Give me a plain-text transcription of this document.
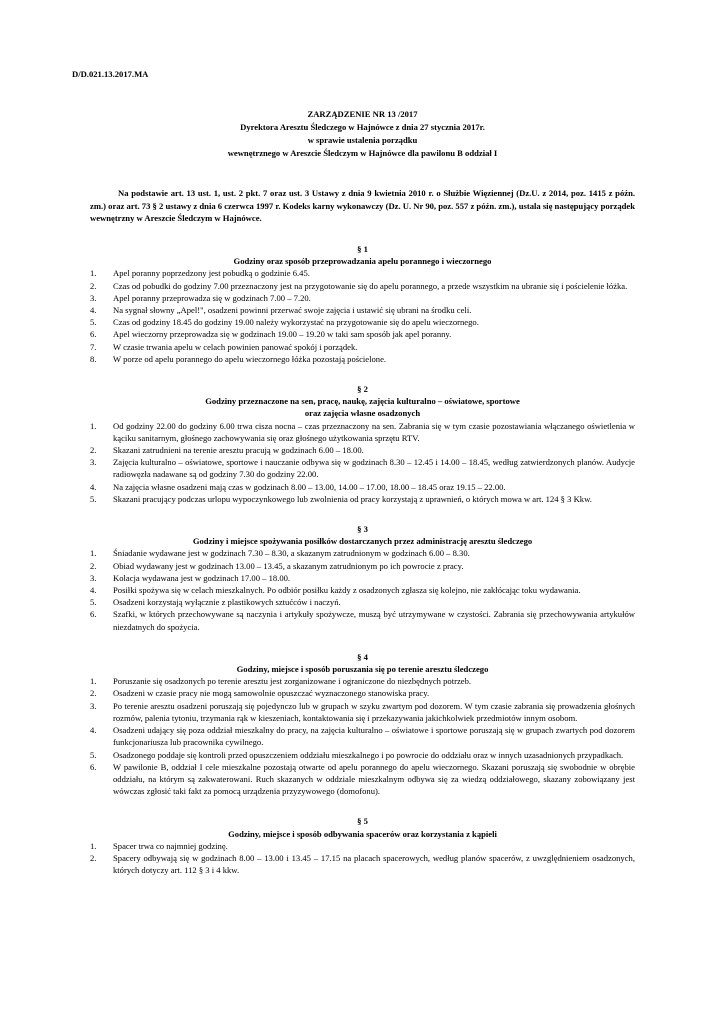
D/D.021.13.2017.MA
ZARZĄDZENIE NR 13 /2017
Dyrektora Aresztu Śledczego w Hajnówce z dnia 27 stycznia 2017r.
w sprawie ustalenia porządku
wewnętrznego w Areszcie Śledczym w Hajnówce dla pawilonu B oddział I
Na podstawie art. 13 ust. 1, ust. 2 pkt. 7 oraz ust. 3 Ustawy z dnia 9 kwietnia 2010 r. o Służbie Więziennej (Dz.U. z 2014, poz. 1415 z późn. zm.) oraz art. 73 § 2 ustawy z dnia 6 czerwca 1997 r. Kodeks karny wykonawczy (Dz. U. Nr 90, poz. 557 z późn. zm.), ustala się następujący porządek wewnętrzny w Areszcie Śledczym w Hajnówce.
§ 1
Godziny oraz sposób przeprowadzania apelu porannego i wieczornego
1.	Apel poranny poprzedzony jest pobudką o godzinie 6.45.
2.	Czas od pobudki do godziny 7.00 przeznaczony jest na przygotowanie się do apelu porannego, a przede wszystkim na ubranie się i pościelenie łóżka.
3.	Apel poranny przeprowadza się w godzinach 7.00 – 7.20.
4.	Na sygnał słowny „Apel!", osadzeni powinni przerwać swoje zajęcia i ustawić się ubrani na środku celi.
5.	Czas od godziny 18.45 do godziny 19.00 należy wykorzystać na przygotowanie się do apelu wieczornego.
6.	Apel wieczorny przeprowadza się w godzinach 19.00 – 19.20 w taki sam sposób jak apel poranny.
7.	W czasie trwania apelu w celach powinien panować spokój i porządek.
8.	W porze od apelu porannego do apelu wieczornego łóżka pozostają pościelone.
§ 2
Godziny przeznaczone na sen, pracę, naukę, zajęcia kulturalno – oświatowe, sportowe
oraz zajęcia własne osadzonych
1.	Od godziny 22.00 do godziny 6.00 trwa cisza nocna – czas przeznaczony na sen. Zabrania się w tym czasie pozostawiania włączanego oświetlenia w kąciku sanitarnym, głośnego zachowywania się oraz głośnego użytkowania sprzętu RTV.
2.	Skazani zatrudnieni na terenie aresztu pracują w godzinach 6.00 – 18.00.
3.	Zajęcia kulturalno – oświatowe, sportowe i nauczanie odbywa się w godzinach 8.30 – 12.45 i 14.00 – 18.45, według zatwierdzonych planów. Audycje radiowęzła nadawane są od godziny 7.30 do godziny 22.00.
4.	Na zajęcia własne osadzeni mają czas w godzinach 8.00 – 13.00, 14.00 – 17.00, 18.00 – 18.45 oraz 19.15 – 22.00.
5.	Skazani pracujący podczas urlopu wypoczynkowego lub zwolnienia od pracy korzystają z uprawnień, o których mowa w art. 124 § 3 Kkw.
§ 3
Godziny i miejsce spożywania posiłków dostarczanych przez administrację aresztu śledczego
1.	Śniadanie wydawane jest w godzinach 7.30 – 8.30, a skazanym zatrudnionym w godzinach 6.00 – 8.30.
2.	Obiad wydawany jest w godzinach 13.00 – 13.45, a skazanym zatrudnionym po ich powrocie z pracy.
3.	Kolacja wydawana jest w godzinach 17.00 – 18.00.
4.	Posiłki spożywa się w celach mieszkalnych. Po odbiór posiłku każdy z osadzonych zgłasza się kolejno, nie zakłócając toku wydawania.
5.	Osadzeni korzystają wyłącznie z plastikowych sztućców i naczyń.
6.	Szafki, w których przechowywane są naczynia i artykuły spożywcze, muszą być utrzymywane w czystości. Zabrania się przechowywania artykułów niezdatnych do spożycia.
§ 4
Godziny, miejsce i sposób poruszania się po terenie aresztu śledczego
1.	Poruszanie się osadzonych po terenie aresztu jest zorganizowane i ograniczone do niezbędnych potrzeb.
2.	Osadzeni w czasie pracy nie mogą samowolnie opuszczać wyznaczonego stanowiska pracy.
3.	Po terenie aresztu osadzeni poruszają się pojedynczo lub w grupach w szyku zwartym pod dozorem. W tym czasie zabrania się prowadzenia głośnych rozmów, palenia tytoniu, trzymania rąk w kieszeniach, kontaktowania się i przekazywania jakichkolwiek przedmiotów innym osobom.
4.	Osadzeni udający się poza oddział mieszkalny do pracy, na zajęcia kulturalno – oświatowe i sportowe poruszają się w grupach zwartych pod dozorem funkcjonariusza lub pracownika cywilnego.
5.	Osadzonego poddaje się kontroli przed opuszczeniem oddziału mieszkalnego i po powrocie do oddziału oraz w innych uzasadnionych przypadkach.
6.	W pawilonie B, oddział I cele mieszkalne pozostają otwarte od apelu porannego do apelu wieczornego. Skazani poruszają się swobodnie w obrębie oddziału, na którym są zakwaterowani. Ruch skazanych w oddziale mieszkalnym odbywa się za wiedzą oddziałowego, skazany zobowiązany jest wówczas zgłosić taki fakt za pomocą urządzenia przyzywowego (domofonu).
§ 5
Godziny, miejsce i sposób odbywania spacerów oraz korzystania z kąpieli
1.	Spacer trwa co najmniej godzinę.
2.	Spacery odbywają się w godzinach 8.00 – 13.00 i 13.45 – 17.15 na placach spacerowych, według planów spacerów, z uwzględnieniem osadzonych, których dotyczy art. 112 § 3 i 4 kkw.
